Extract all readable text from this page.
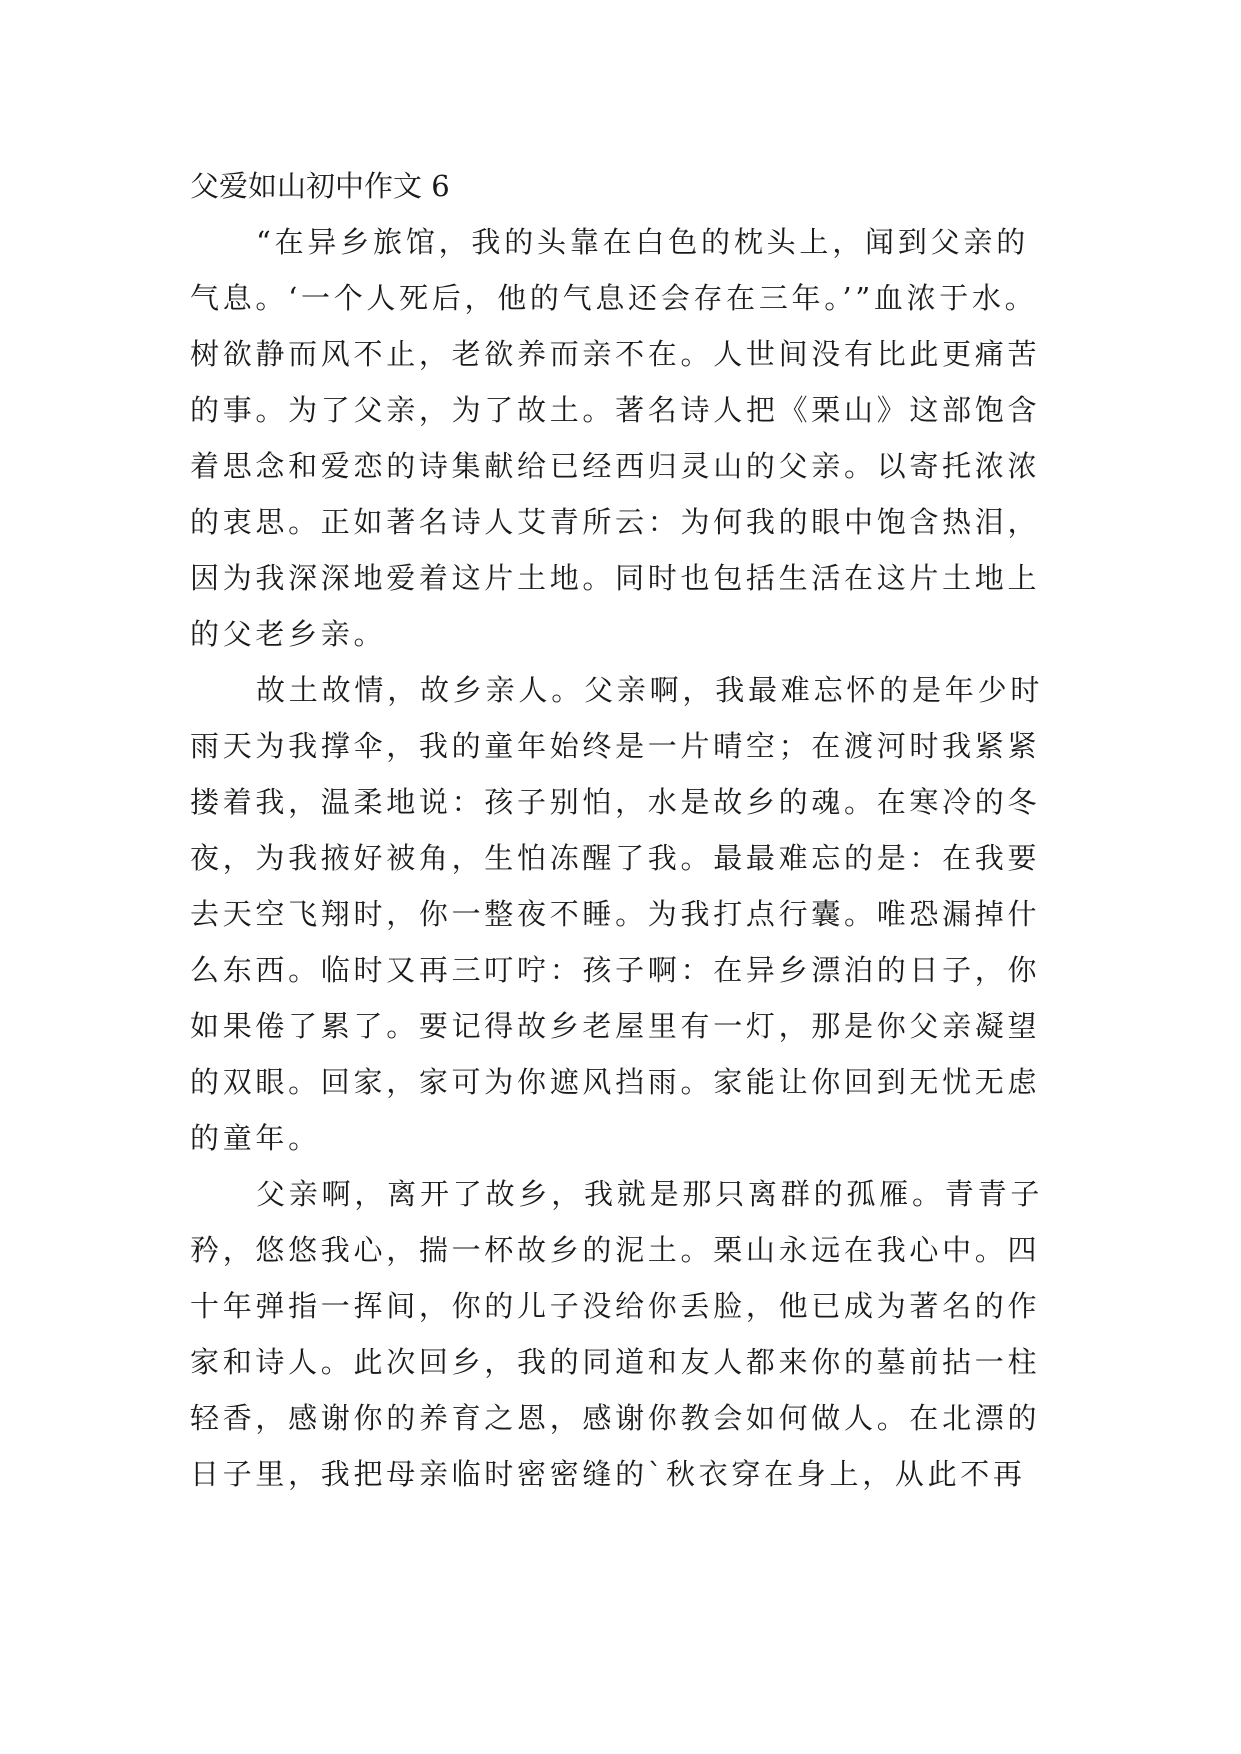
父爱如山初中作文 6
“在异乡旅馆，我的头靠在白色的枕头上，闻到父亲的
气息。‘一个人死后，他的气息还会存在三年。’”血浓于水。
树欲静而风不止，老欲养而亲不在。人世间没有比此更痛苦
的事。为了父亲，为了故土。著名诗人把《栗山》这部饱含
着思念和爱恋的诗集献给已经西归灵山的父亲。以寄托浓浓
的衷思。正如著名诗人艾青所云：为何我的眼中饱含热泪，
因为我深深地爱着这片土地。同时也包括生活在这片土地上
的父老乡亲。
故土故情，故乡亲人。父亲啊，我最难忘怀的是年少时
雨天为我撑伞，我的童年始终是一片晴空；在渡河时我紧紧
搂着我，温柔地说：孩子别怕，水是故乡的魂。在寒冷的冬
夜，为我掖好被角，生怕冻醒了我。最最难忘的是：在我要
去天空飞翔时，你一整夜不睡。为我打点行囊。唯恐漏掉什
么东西。临时又再三叮咛：孩子啊：在异乡漂泊的日子，你
如果倦了累了。要记得故乡老屋里有一灯，那是你父亲凝望
的双眼。回家，家可为你遮风挡雨。家能让你回到无忧无虑
的童年。
父亲啊，离开了故乡，我就是那只离群的孤雁。青青子
矜，悠悠我心，揣一杯故乡的泥土。栗山永远在我心中。四
十年弹指一挥间，你的儿子没给你丢脸，他已成为著名的作
家和诗人。此次回乡，我的同道和友人都来你的墓前拈一柱
轻香，感谢你的养育之恩，感谢你教会如何做人。在北漂的
日子里，我把母亲临时密密缝的`秋衣穿在身上，从此不再
